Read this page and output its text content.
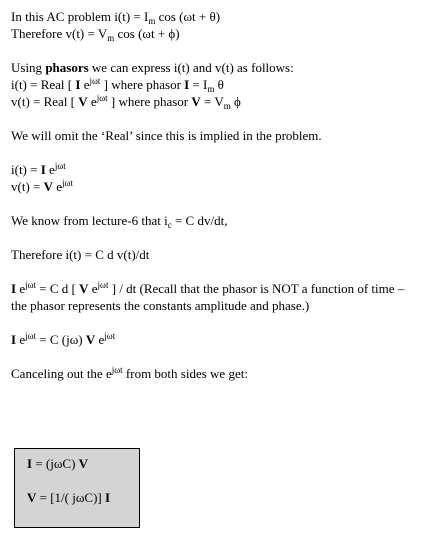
In this AC problem $i(t) = I_m$ cos (ωt + θ)
Therefore $v(t) = V_m$ cos (ωt + ϕ)
Using phasors we can express i(t) and v(t) as follows:
i(t) = Real [ I $e^{j\omega t}$ ] where phasor $I = I_m$ θ
v(t) = Real [ V $e^{j\omega t}$ ] where phasor $V = V_m$ ϕ
We will omit the ‘Real’ since this is implied in the problem.
i(t) = I $e^{j\omega t}$
v(t) = V $e^{j\omega t}$
We know from lecture-6 that $i_c = C$ dv/dt,
Therefore i(t) = C d v(t)/dt
I $e^{j\omega t} = C$ d [ V $e^{j\omega t}$ ] / dt (Recall that the phasor is NOT a function of time – the phasor represents the constants amplitude and phase.)
I $e^{j\omega t} = C$ (jω) V $e^{j\omega t}$
Canceling out the $e^{j\omega t}$ from both sides we get:
I = (jωC) V
V = [1/( jωC)] I
